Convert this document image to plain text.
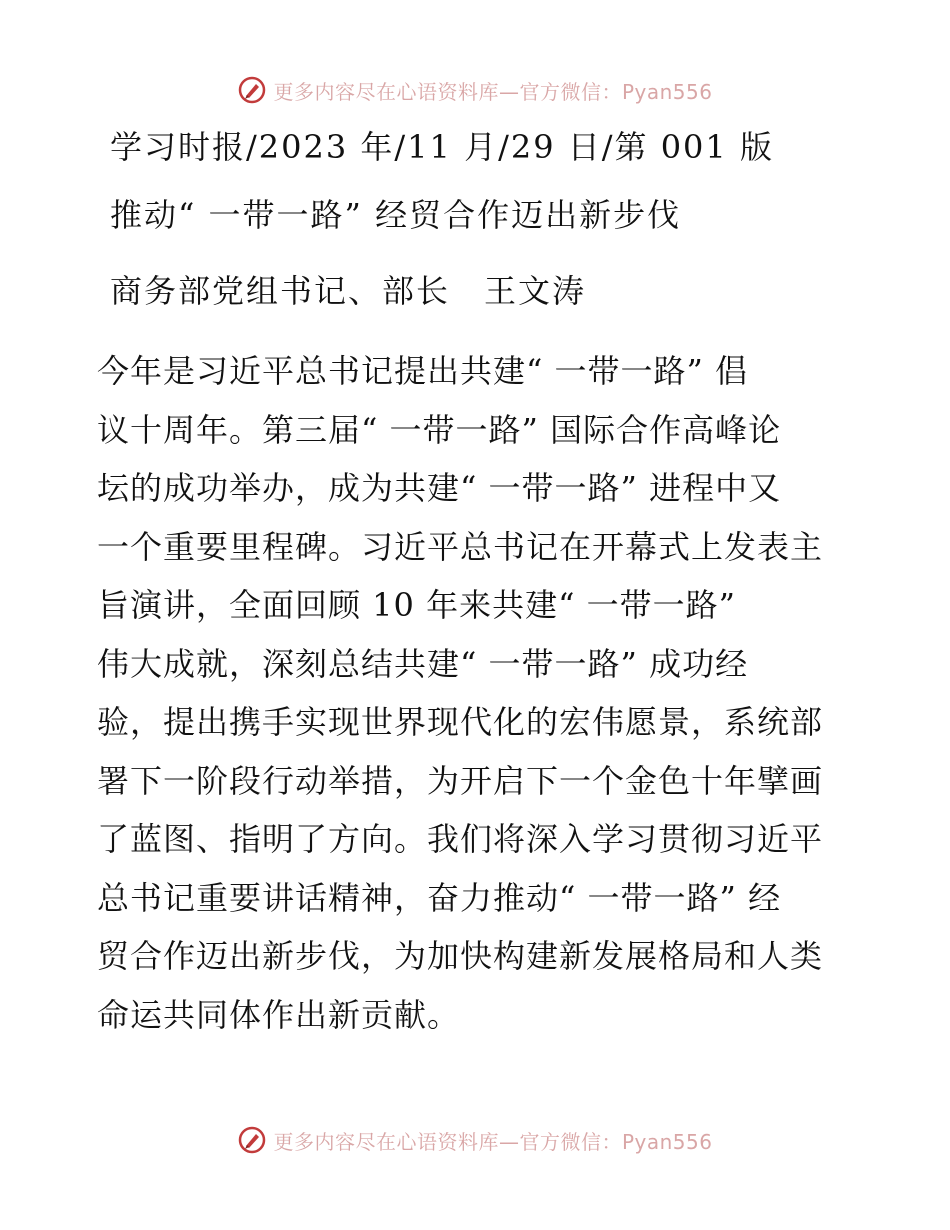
更多内容尽在心语资料库—官方微信：Pyan556
学习时报/2023 年/11 月/29 日/第 001 版
推动“ 一带一路” 经贸合作迈出新步伐
商务部党组书记、部长　王文涛
今年是习近平总书记提出共建“ 一带一路” 倡
议十周年。第三届“ 一带一路” 国际合作高峰论
坛的成功举办，成为共建“ 一带一路” 进程中又
一个重要里程碑。习近平总书记在开幕式上发表主
旨演讲，全面回顾 10 年来共建“ 一带一路”
伟大成就，深刻总结共建“ 一带一路” 成功经
验，提出携手实现世界现代化的宏伟愿景，系统部
署下一阶段行动举措，为开启下一个金色十年擘画
了蓝图、指明了方向。我们将深入学习贯彻习近平
总书记重要讲话精神，奋力推动“ 一带一路” 经
贸合作迈出新步伐，为加快构建新发展格局和人类
命运共同体作出新贡献。
更多内容尽在心语资料库—官方微信：Pyan556
